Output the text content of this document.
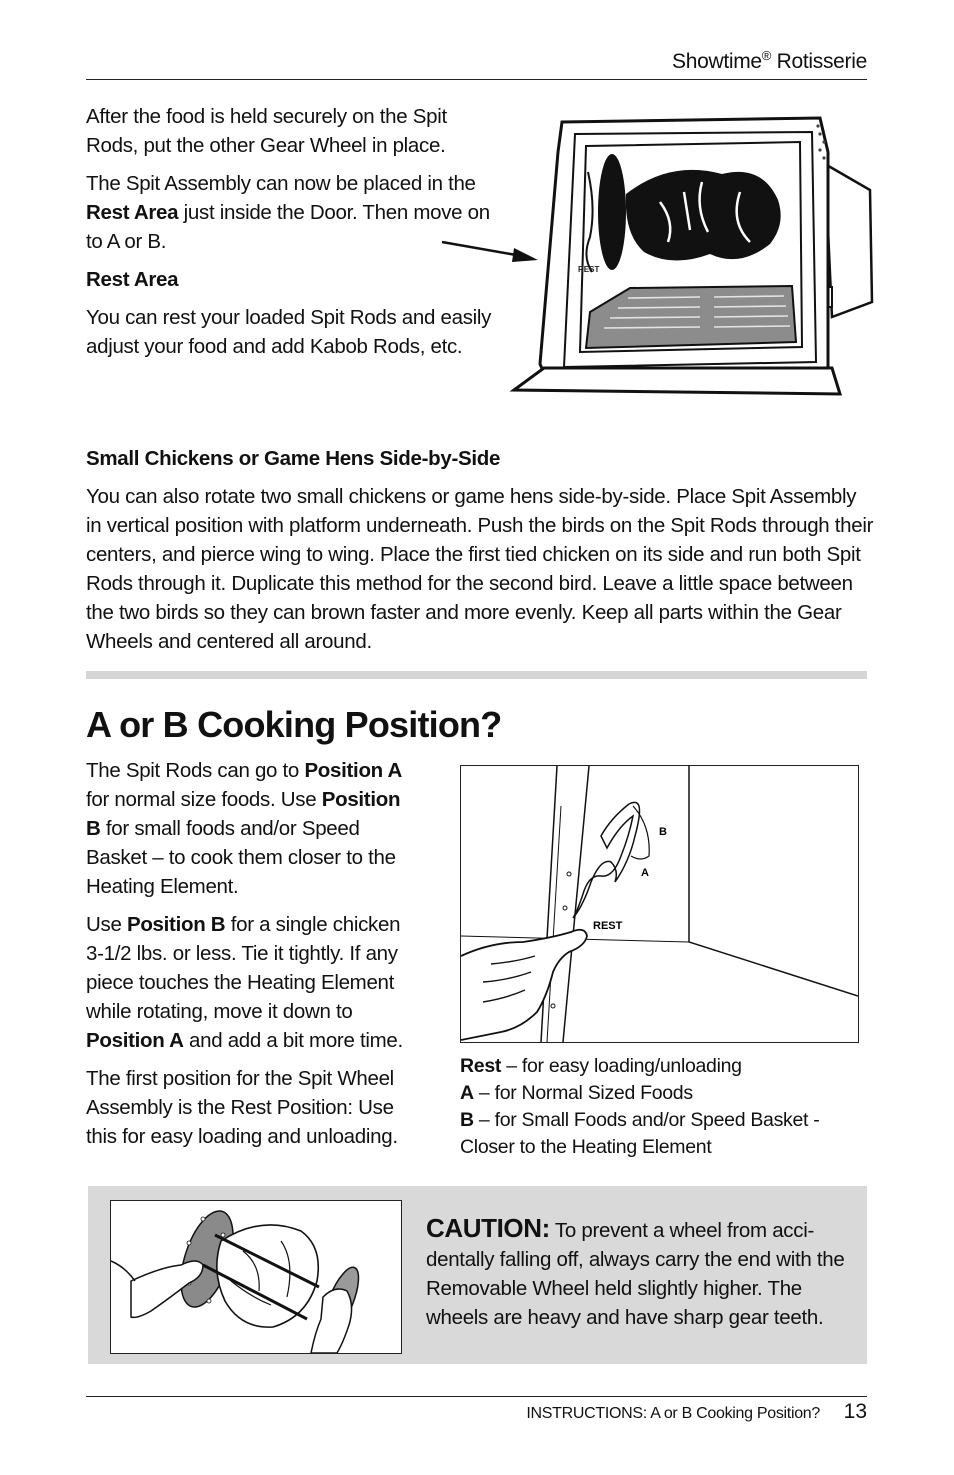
Showtime® Rotisserie

After the food is held securely on the Spit Rods, put the other Gear Wheel in place.

The Spit Assembly can now be placed in the Rest Area just inside the Door. Then move on to A or B.

Rest Area

You can rest your loaded Spit Rods and easily adjust your food and add Kabob Rods, etc.

REST

Small Chickens or Game Hens Side-by-Side

You can also rotate two small chickens or game hens side-by-side. Place Spit Assembly in vertical position with platform underneath. Push the birds on the Spit Rods through their centers, and pierce wing to wing. Place the first tied chicken on its side and run both Spit Rods through it. Duplicate this method for the second bird. Leave a little space between the two birds so they can brown faster and more evenly. Keep all parts within the Gear Wheels and centered all around.

A or B Cooking Position?

The Spit Rods can go to Position A for normal size foods. Use Position B for small foods and/or Speed Basket – to cook them closer to the Heating Element.

Use Position B for a single chicken 3-1/2 lbs. or less. Tie it tightly. If any piece touches the Heating Element while rotating, move it down to Position A and add a bit more time.

The first position for the Spit Wheel Assembly is the Rest Position: Use this for easy loading and unloading.

B
A
REST
Rest – for easy loading/unloading
A – for Normal Sized Foods
B – for Small Foods and/or Speed Basket - Closer to the Heating Element
CAUTION: To prevent a wheel from acci-dentally falling off, always carry the end with the Removable Wheel held slightly higher. The wheels are heavy and have sharp gear teeth.
INSTRUCTIONS: A or B Cooking Position? 13
